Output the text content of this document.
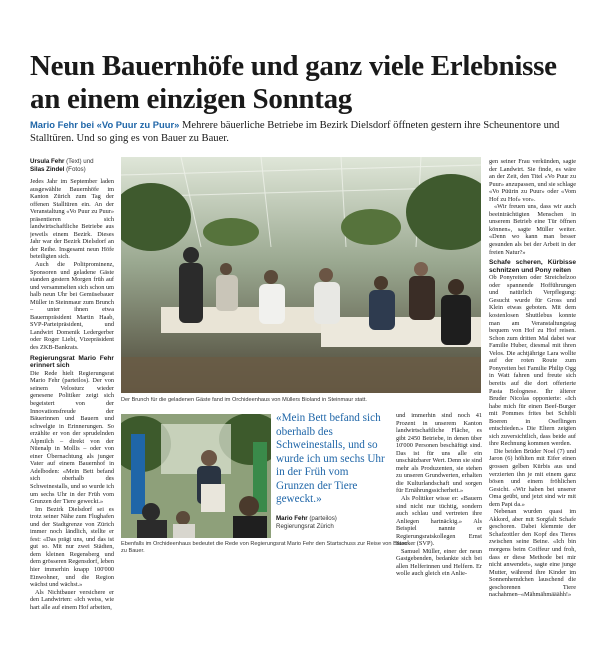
Neun Bauernhöfe und ganz viele Erlebnisse an einem einzigen Sonntag
Mario Fehr bei «Vo Puur zu Puur» Mehrere bäuerliche Betriebe im Bezirk Dielsdorf öffneten gestern ihre Scheunentore und Stalltüren. Und so ging es von Bauer zu Bauer.
Ursula Fehr (Text) und
Silas Zindel (Fotos)

Jedes Jahr im September laden ausgewählte Bauernhöfe im Kanton Zürich zum Tag der offenen Stalltüren ein. An der Veranstaltung «Vo Puur zu Puur» präsentieren sich landwirtschaftliche Betriebe aus jeweils einem Bezirk. Dieses Jahr war der Bezirk Dielsdorf an der Reihe. Insgesamt neun Höfe beteiligten sich.

Auch die Politprominenz, Sponsoren und geladene Gäste standen gestern Morgen früh auf und versammelten sich schon um halb neun Uhr bei Gemüsebauer Müller in Steinmaur zum Brunch – unter ihnen etwa Bauernpräsident Martin Haab, SVP-Parteipräsident, und Landwirt Domenik Ledergerber oder Roger Liebi, Vizepräsident des ZKB-Bankrats.

Regierungsrat Mario Fehr erinnert sich

Die Rede hielt Regierungsrat Mario Fehr (parteilos). Der von seinem Velosturz wieder genesene Politiker zeigt sich begeistert von der Innovationsfreude der Bäuerinnen und Bauern und schwelgte in Erinnerungen. So erzählte er von der sprudelnden Alpmilch – direkt von der Nüenalp in Mollis – oder von einer Übernachtung als junger Vater auf einem Bauernhof in Adelboden: «Mein Bett befand sich oberhalb des Schweinestalls, und so wurde ich um sechs Uhr in der Früh vom Grunzen der Tiere geweckt.»

Im Bezirk Dielsdorf sei es trotz seiner Nähe zum Flughafen und der Stadtgrenze von Zürich immer noch ländlich, stellte er fest: «Das prägt uns, und das ist gut so. Mit nur zwei Städten, dem kleinen Regensberg und dem grösseren Regensdorf, leben hier immerhin knapp 100'000 Einwohner, und die Region wächst und wächst.»

Als Nichtbauer versichere er den Landwirten: «Ich weiss, wie hart alle auf einem Hof arbeiten,

Der Brunch für die geladenen Gäste fand im Orchideenhaus von Müllers Bioland in Steinmaur statt.

gen seiner Frau verkünden, sagte der Landwirt. Sie finde, es wäre an der Zeit, den Titel «Vo Puur zu Puur» anzupassen, und sie schlage «Vo Püürin zu Puur» oder «Vom Hof zu Hof» vor».

«Wir freuen uns, dass wir auch beeinträchtigten Menschen in unserem Betrieb eine Tür öffnen können», sagte Müller weiter. «Denn wo kann man besser gesunden als bei der Arbeit in der freien Natur?»

Schafe scheren, Kürbisse schnitzen und Pony reiten

Ob Ponyreiten oder Streichelzoo oder spannende Hofführungen und natürlich Verpflegung: Gesucht wurde für Gross und Klein etwas geboten. Mit dem kostenlosen Shuttlebus konnte man am Veranstaltungstag bequem von Hof zu Hof reisen. Schon zum dritten Mal dabei war Familie Huber, diesmal mit ihren Velos. Die achtjährige Lara wollte auf der roten Route zum Ponyreiten bei Familie Philip Ogg in Watt fahren und freute sich bereits auf die dort offerierte Pasta Bolognese. Ihr älterer Bruder Nicolas opponierte: «Ich habe mich für einen Beef-Burger mit Pommes frites bei Schibli Boeren in Oseflingen entschieden.» Die Eltern zeigten sich zuversichtlich, dass beide auf ihre Rechnung kommen werden.

Die beiden Brüder Noel (7) und Jaron (6) höhlten mit Eifer einen grossen gelben Kürbis aus und verzierten ihn je mit einem ganz bösen und einem fröhlichen Gesicht. «Wir haben bei unserer Oma geübt, und jetzt sind wir mit dem Papi da.»

Nebenan wurden quasi im Akkord, aber mit Sorgfalt Schafe geschoren. Dabei klemmte der Schafzottler den Kopf des Tieres zwischen seine Beine. «Ich bin morgens beim Coiffeur und froh, dass er diese Methode bei mir nicht anwendet», sagte eine junge Mutter, während ihre Kinder im Sonnenhemdchen lauschend die geschorenen Tiere nachahmen–«Mähmähmääähh!»

Ebenfalls im Orchideenhaus bedeutet die Rede von Regierungsrat Mario Fehr den Startschuss zur Reise von Bauer zu Bauer.
«Mein Bett befand sich oberhalb des Schweinestalls, und so wurde ich um sechs Uhr in der Früh vom Grunzen der Tiere geweckt.»
Mario Fehr (parteilos)
Regierungsrat Zürich

und immerhin sind noch 41 Prozent in unserem Kanton landwirtschaftliche Fläche, es gibt 2450 Betriebe, in denen über 10'000 Personen beschäftigt sind. Das ist für uns alle ein unschätzbarer Wert. Denn sie sind mehr als Produzenten, sie stehen zu unseren Grundwerten, erhalten die Kulturlandschaft und sorgen für Ernährungssicherheit.»

Als Politiker wisse er: «Bauern sind nicht nur tüchtig, sondern auch schlau und vertreten ihre Anliegen hartnäckig.» Als Beispiel nannte er Regierungsratskollegen Ernst Stocker (SVP).

Samuel Müller, einer der neun Gastgebenden, bedankte sich bei allen Helferinnen und Helfern. Er wolle auch gleich ein Anlie-
